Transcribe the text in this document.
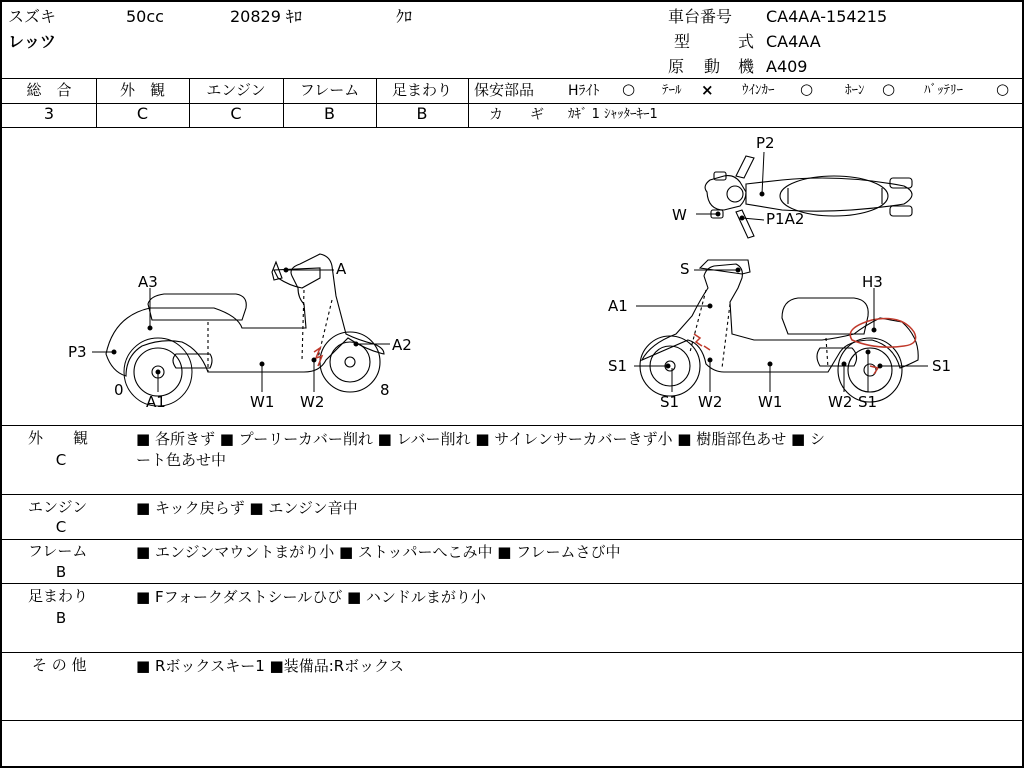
スズキ	50cc	20829 ｷﾛ	ｸﾛ
レッツ
車台番号 CA4AA-154215
型	式 CA4AA
原 動 機 A409
総　合	外　観	エンジン	フレーム	足まわり
3	C	C	B	B
保安部品 Hﾗｲﾄ ○ ﾃｰﾙ × ｳｲﾝｶｰ ○ ﾎｰﾝ ○ ﾊﾞｯﾃﾘｰ ○
カ ギ ｶｷﾞ 1 ｼｬｯﾀｰｷｰ1
P2
W	P1A2
A
A3
P3	A2
0
A1	W1 W2
8
S
H3
A1
S1	S1
S1 W2 W1	W2 S1
外　　観
C
■ 各所きず ■ プーリーカバー削れ ■ レバー削れ ■ サイレンサーカバーきず小 ■ 樹脂部色あせ ■ シ
ート色あせ中
エンジン
C
■ キック戻らず ■ エンジン音中
フレーム
B
■ エンジンマウントまがり小 ■ ストッパーへこみ中 ■ フレームさび中
足まわり
B
■ Fフォークダストシールひび ■ ハンドルまがり小
そ の 他	■ Rボックスキー1 ■装備品:Rボックス
